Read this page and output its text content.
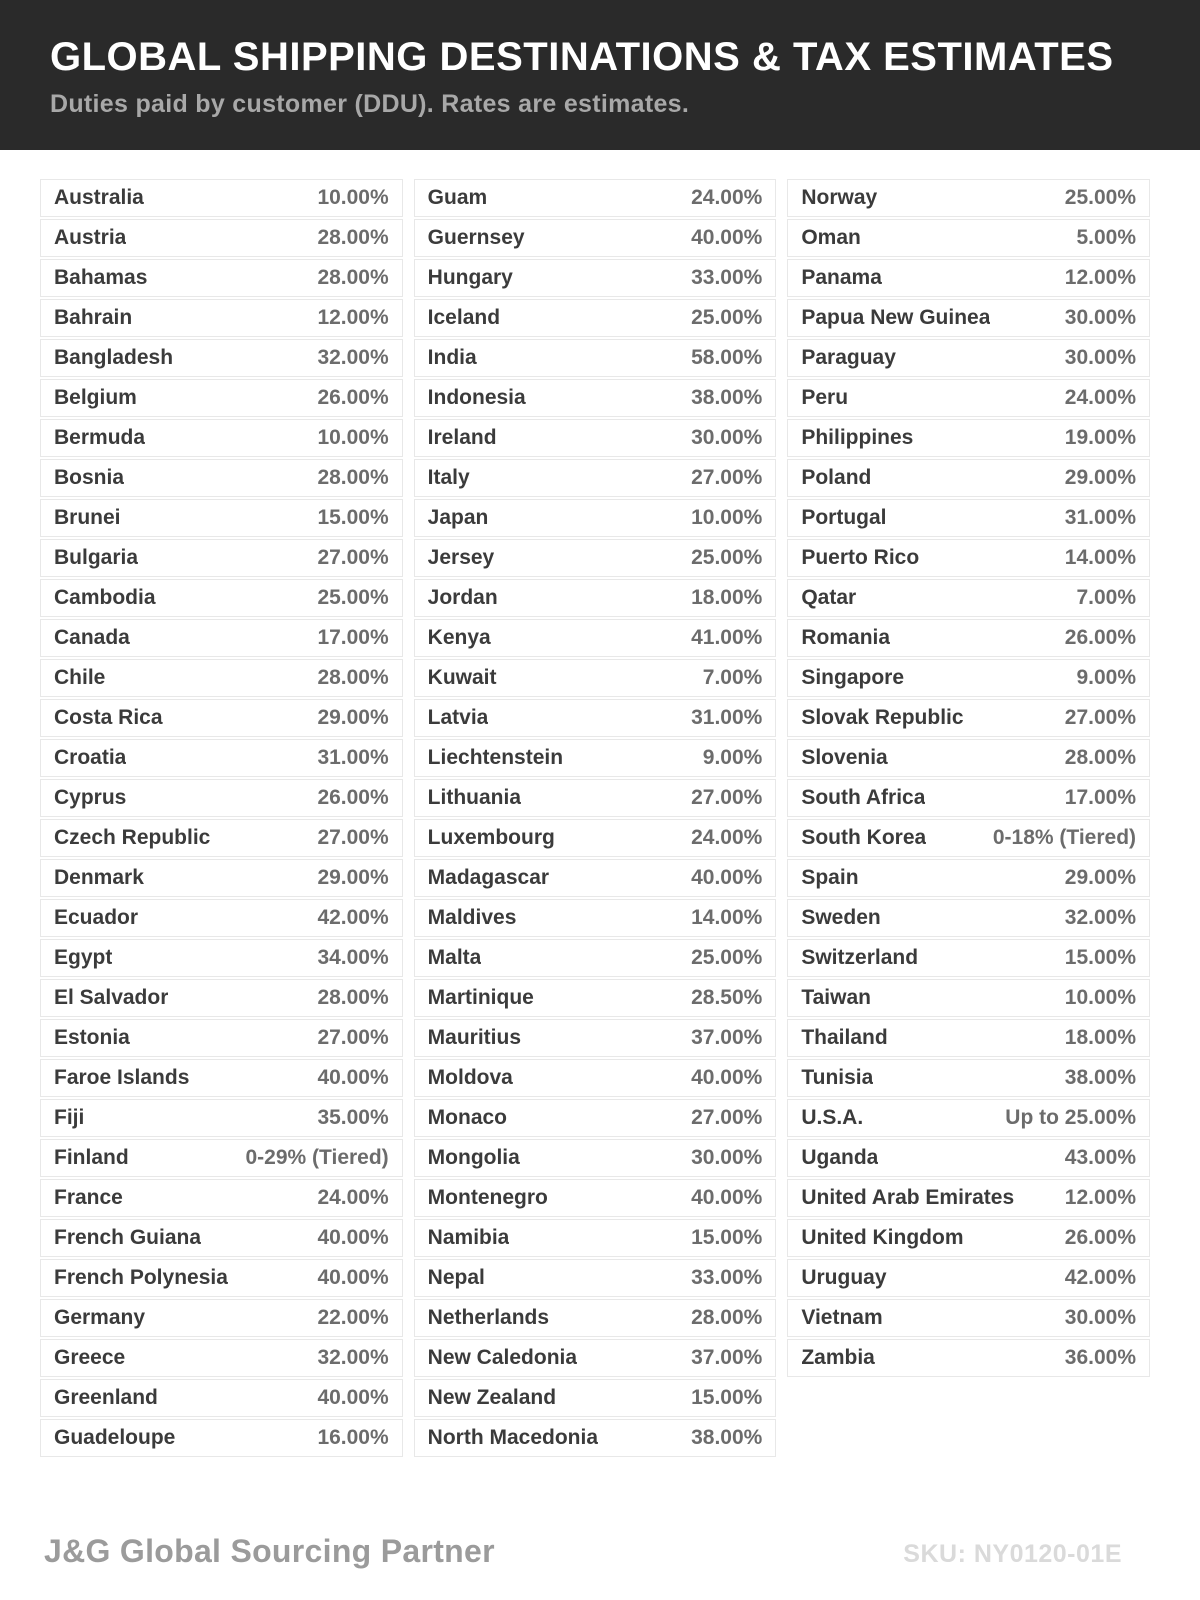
GLOBAL SHIPPING DESTINATIONS & TAX ESTIMATES
Duties paid by customer (DDU). Rates are estimates.
Australia	10.00%
Austria	28.00%
Bahamas	28.00%
Bahrain	12.00%
Bangladesh	32.00%
Belgium	26.00%
Bermuda	10.00%
Bosnia	28.00%
Brunei	15.00%
Bulgaria	27.00%
Cambodia	25.00%
Canada	17.00%
Chile	28.00%
Costa Rica	29.00%
Croatia	31.00%
Cyprus	26.00%
Czech Republic	27.00%
Denmark	29.00%
Ecuador	42.00%
Egypt	34.00%
El Salvador	28.00%
Estonia	27.00%
Faroe Islands	40.00%
Fiji	35.00%
Finland	0-29% (Tiered)
France	24.00%
French Guiana	40.00%
French Polynesia	40.00%
Germany	22.00%
Greece	32.00%
Greenland	40.00%
Guadeloupe	16.00%
Guam	24.00%
Guernsey	40.00%
Hungary	33.00%
Iceland	25.00%
India	58.00%
Indonesia	38.00%
Ireland	30.00%
Italy	27.00%
Japan	10.00%
Jersey	25.00%
Jordan	18.00%
Kenya	41.00%
Kuwait	7.00%
Latvia	31.00%
Liechtenstein	9.00%
Lithuania	27.00%
Luxembourg	24.00%
Madagascar	40.00%
Maldives	14.00%
Malta	25.00%
Martinique	28.50%
Mauritius	37.00%
Moldova	40.00%
Monaco	27.00%
Mongolia	30.00%
Montenegro	40.00%
Namibia	15.00%
Nepal	33.00%
Netherlands	28.00%
New Caledonia	37.00%
New Zealand	15.00%
North Macedonia	38.00%
Norway	25.00%
Oman	5.00%
Panama	12.00%
Papua New Guinea	30.00%
Paraguay	30.00%
Peru	24.00%
Philippines	19.00%
Poland	29.00%
Portugal	31.00%
Puerto Rico	14.00%
Qatar	7.00%
Romania	26.00%
Singapore	9.00%
Slovak Republic	27.00%
Slovenia	28.00%
South Africa	17.00%
South Korea	0-18% (Tiered)
Spain	29.00%
Sweden	32.00%
Switzerland	15.00%
Taiwan	10.00%
Thailand	18.00%
Tunisia	38.00%
U.S.A.	Up to 25.00%
Uganda	43.00%
United Arab Emirates 12.00%
United Kingdom	26.00%
Uruguay	42.00%
Vietnam	30.00%
Zambia	36.00%
J&G Global Sourcing Partner	SKU: NY0120-01E
